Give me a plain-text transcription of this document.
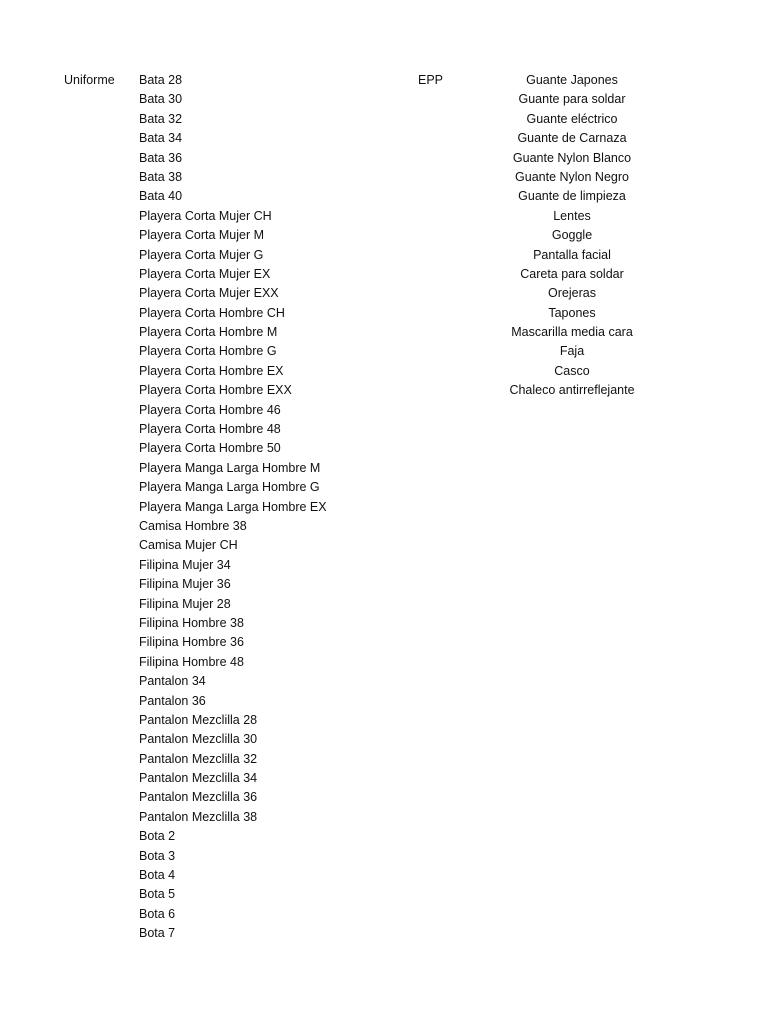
Uniforme Bata 28
Bata 30
Bata 32
Bata 34
Bata 36
Bata 38
Bata 40
Playera Corta Mujer CH
Playera Corta Mujer M
Playera Corta Mujer G
Playera Corta Mujer EX
Playera Corta Mujer EXX
Playera Corta Hombre CH
Playera Corta Hombre M
Playera Corta Hombre G
Playera Corta Hombre EX
Playera Corta Hombre EXX
Playera Corta Hombre 46
Playera Corta Hombre 48
Playera Corta Hombre 50
Playera Manga Larga Hombre M
Playera Manga Larga Hombre G
Playera Manga Larga Hombre EX
Camisa Hombre 38
Camisa Mujer CH
Filipina Mujer 34
Filipina Mujer 36
Filipina Mujer 28
Filipina Hombre 38
Filipina Hombre 36
Filipina Hombre 48
Pantalon 34
Pantalon 36
Pantalon Mezclilla 28
Pantalon Mezclilla 30
Pantalon Mezclilla 32
Pantalon Mezclilla 34
Pantalon Mezclilla 36
Pantalon Mezclilla 38
Bota 2
Bota 3
Bota 4
Bota 5
Bota 6
Bota 7
EPP	Guante Japones
Guante para soldar
Guante eléctrico
Guante de Carnaza
Guante Nylon Blanco
Guante Nylon Negro
Guante de limpieza
Lentes
Goggle
Pantalla facial
Careta para soldar
Orejeras
Tapones
Mascarilla media cara
Faja
Casco
Chaleco antirreflejante
